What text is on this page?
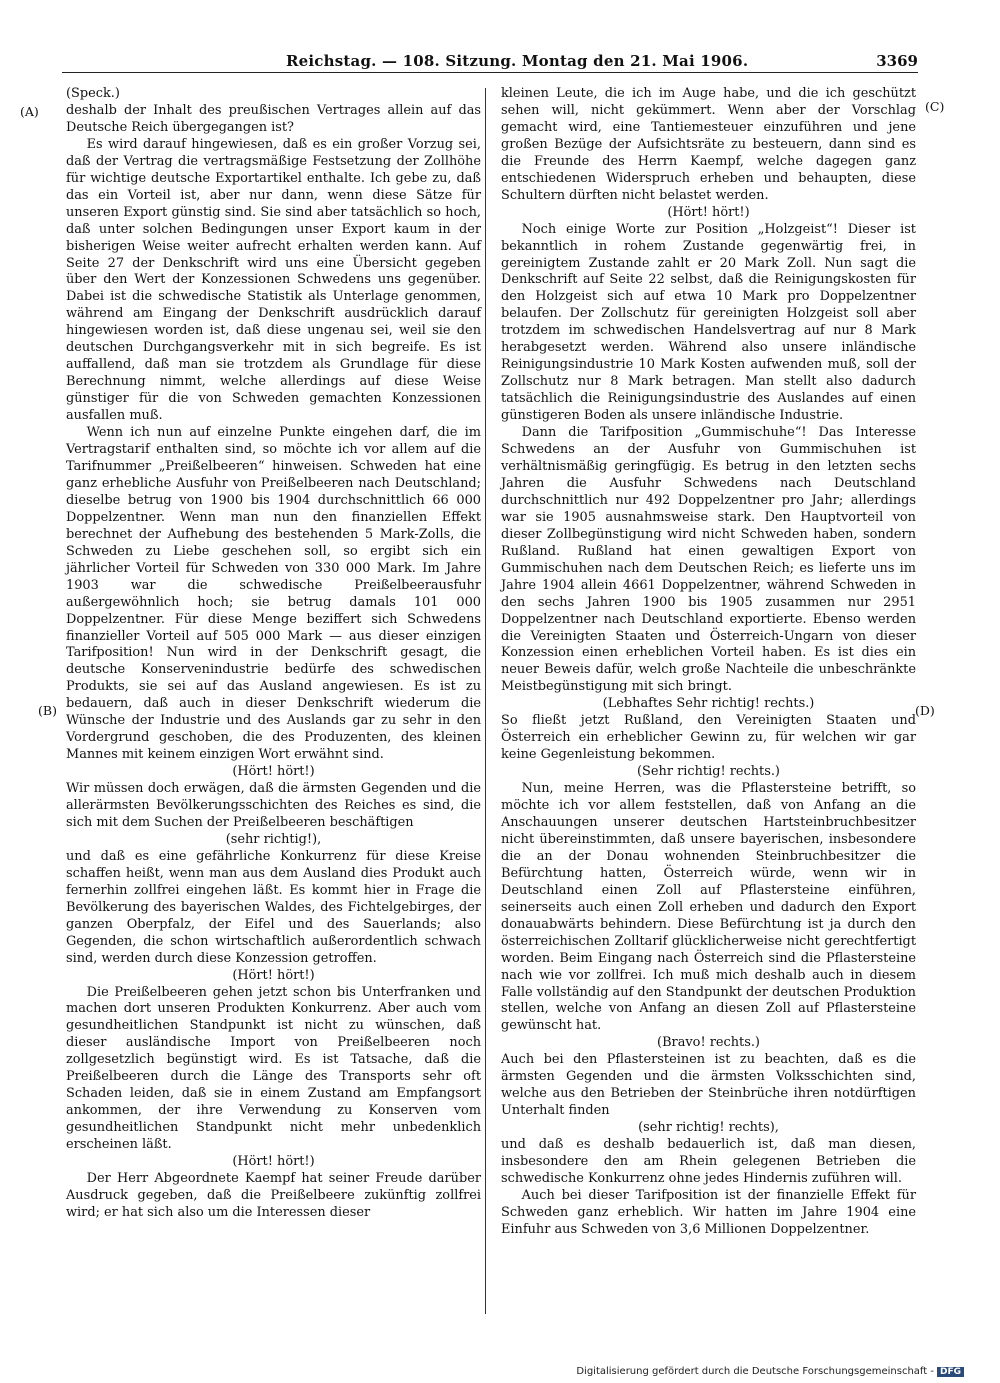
Reichstag. — 108. Sitzung. Montag den 21. Mai 1906.	3369
(A)
(B)
(C)
(D)

(Speck.)

deshalb der Inhalt des preußischen Vertrages allein auf das Deutsche Reich übergegangen ist?

Es wird darauf hingewiesen, daß es ein großer Vorzug sei, daß der Vertrag die vertragsmäßige Festsetzung der Zollhöhe für wichtige deutsche Exportartikel enthalte. Ich gebe zu, daß das ein Vorteil ist, aber nur dann, wenn diese Sätze für unseren Export günstig sind. Sie sind aber tatsächlich so hoch, daß unter solchen Bedingungen unser Export kaum in der bisherigen Weise weiter aufrecht erhalten werden kann. Auf Seite 27 der Denkschrift wird uns eine Übersicht gegeben über den Wert der Konzessionen Schwedens uns gegenüber. Dabei ist die schwedische Statistik als Unterlage genommen, während am Eingang der Denkschrift ausdrücklich darauf hingewiesen worden ist, daß diese ungenau sei, weil sie den deutschen Durchgangsverkehr mit in sich begreife. Es ist auffallend, daß man sie trotzdem als Grundlage für diese Berechnung nimmt, welche allerdings auf diese Weise günstiger für die von Schweden gemachten Konzessionen ausfallen muß.

Wenn ich nun auf einzelne Punkte eingehen darf, die im Vertragstarif enthalten sind, so möchte ich vor allem auf die Tarifnummer „Preißelbeeren“ hinweisen. Schweden hat eine ganz erhebliche Ausfuhr von Preißelbeeren nach Deutschland; dieselbe betrug von 1900 bis 1904 durchschnittlich 66 000 Doppelzentner. Wenn man nun den finanziellen Effekt berechnet der Aufhebung des bestehenden 5 Mark-Zolls, die Schweden zu Liebe geschehen soll, so ergibt sich ein jährlicher Vorteil für Schweden von 330 000 Mark. Im Jahre 1903 war die schwedische Preißelbeerausfuhr außergewöhnlich hoch; sie betrug damals 101 000 Doppelzentner. Für diese Menge beziffert sich Schwedens finanzieller Vorteil auf 505 000 Mark — aus dieser einzigen Tarifposition! Nun wird in der Denkschrift gesagt, die deutsche Konservenindustrie bedürfe des schwedischen Produkts, sie sei auf das Ausland angewiesen. Es ist zu bedauern, daß auch in dieser Denkschrift wiederum die Wünsche der Industrie und des Auslands gar zu sehr in den Vordergrund geschoben, die des Produzenten, des kleinen Mannes mit keinem einzigen Wort erwähnt sind.

(Hört! hört!)

Wir müssen doch erwägen, daß die ärmsten Gegenden und die allerärmsten Bevölkerungsschichten des Reiches es sind, die sich mit dem Suchen der Preißelbeeren beschäftigen

(sehr richtig!),

und daß es eine gefährliche Konkurrenz für diese Kreise schaffen heißt, wenn man aus dem Ausland dies Produkt auch fernerhin zollfrei eingehen läßt. Es kommt hier in Frage die Bevölkerung des bayerischen Waldes, des Fichtelgebirges, der ganzen Oberpfalz, der Eifel und des Sauerlands; also Gegenden, die schon wirtschaftlich außerordentlich schwach sind, werden durch diese Konzession getroffen.

(Hört! hört!)

Die Preißelbeeren gehen jetzt schon bis Unterfranken und machen dort unseren Produkten Konkurrenz. Aber auch vom gesundheitlichen Standpunkt ist nicht zu wünschen, daß dieser ausländische Import von Preißelbeeren noch zollgesetzlich begünstigt wird. Es ist Tatsache, daß die Preißelbeeren durch die Länge des Transports sehr oft Schaden leiden, daß sie in einem Zustand am Empfangsort ankommen, der ihre Verwendung zu Konserven vom gesundheitlichen Standpunkt nicht mehr unbedenklich erscheinen läßt.

(Hört! hört!)

Der Herr Abgeordnete Kaempf hat seiner Freude darüber Ausdruck gegeben, daß die Preißelbeere zukünftig zollfrei wird; er hat sich also um die Interessen dieser

kleinen Leute, die ich im Auge habe, und die ich geschützt sehen will, nicht gekümmert. Wenn aber der Vorschlag gemacht wird, eine Tantiemesteuer einzuführen und jene großen Bezüge der Aufsichtsräte zu besteuern, dann sind es die Freunde des Herrn Kaempf, welche dagegen ganz entschiedenen Widerspruch erheben und behaupten, diese Schultern dürften nicht belastet werden.

(Hört! hört!)

Noch einige Worte zur Position „Holzgeist“! Dieser ist bekanntlich in rohem Zustande gegenwärtig frei, in gereinigtem Zustande zahlt er 20 Mark Zoll. Nun sagt die Denkschrift auf Seite 22 selbst, daß die Reinigungskosten für den Holzgeist sich auf etwa 10 Mark pro Doppelzentner belaufen. Der Zollschutz für gereinigten Holzgeist soll aber trotzdem im schwedischen Handelsvertrag auf nur 8 Mark herabgesetzt werden. Während also unsere inländische Reinigungsindustrie 10 Mark Kosten aufwenden muß, soll der Zollschutz nur 8 Mark betragen. Man stellt also dadurch tatsächlich die Reinigungsindustrie des Auslandes auf einen günstigeren Boden als unsere inländische Industrie.

Dann die Tarifposition „Gummischuhe“! Das Interesse Schwedens an der Ausfuhr von Gummischuhen ist verhältnismäßig geringfügig. Es betrug in den letzten sechs Jahren die Ausfuhr Schwedens nach Deutschland durchschnittlich nur 492 Doppelzentner pro Jahr; allerdings war sie 1905 ausnahmsweise stark. Den Hauptvorteil von dieser Zollbegünstigung wird nicht Schweden haben, sondern Rußland. Rußland hat einen gewaltigen Export von Gummischuhen nach dem Deutschen Reich; es lieferte uns im Jahre 1904 allein 4661 Doppelzentner, während Schweden in den sechs Jahren 1900 bis 1905 zusammen nur 2951 Doppelzentner nach Deutschland exportierte. Ebenso werden die Vereinigten Staaten und Österreich-Ungarn von dieser Konzession einen erheblichen Vorteil haben. Es ist dies ein neuer Beweis dafür, welch große Nachteile die unbeschränkte Meistbegünstigung mit sich bringt.

(Lebhaftes Sehr richtig! rechts.)

So fließt jetzt Rußland, den Vereinigten Staaten und Österreich ein erheblicher Gewinn zu, für welchen wir gar keine Gegenleistung bekommen.

(Sehr richtig! rechts.)

Nun, meine Herren, was die Pflastersteine betrifft, so möchte ich vor allem feststellen, daß von Anfang an die Anschauungen unserer deutschen Hartsteinbruchbesitzer nicht übereinstimmten, daß unsere bayerischen, insbesondere die an der Donau wohnenden Steinbruchbesitzer die Befürchtung hatten, Österreich würde, wenn wir in Deutschland einen Zoll auf Pflastersteine einführen, seinerseits auch einen Zoll erheben und dadurch den Export donauabwärts behindern. Diese Befürchtung ist ja durch den österreichischen Zolltarif glücklicherweise nicht gerechtfertigt worden. Beim Eingang nach Österreich sind die Pflastersteine nach wie vor zollfrei. Ich muß mich deshalb auch in diesem Falle vollständig auf den Standpunkt der deutschen Produktion stellen, welche von Anfang an diesen Zoll auf Pflastersteine gewünscht hat.

(Bravo! rechts.)

Auch bei den Pflastersteinen ist zu beachten, daß es die ärmsten Gegenden und die ärmsten Volksschichten sind, welche aus den Betrieben der Steinbrüche ihren notdürftigen Unterhalt finden

(sehr richtig! rechts),

und daß es deshalb bedauerlich ist, daß man diesen, insbesondere den am Rhein gelegenen Betrieben die schwedische Konkurrenz ohne jedes Hindernis zuführen will.

Auch bei dieser Tarifposition ist der finanzielle Effekt für Schweden ganz erheblich. Wir hatten im Jahre 1904 eine Einfuhr aus Schweden von 3,6 Millionen Doppelzentner.

Digitalisierung gefördert durch die Deutsche Forschungsgemeinschaft - DFG
